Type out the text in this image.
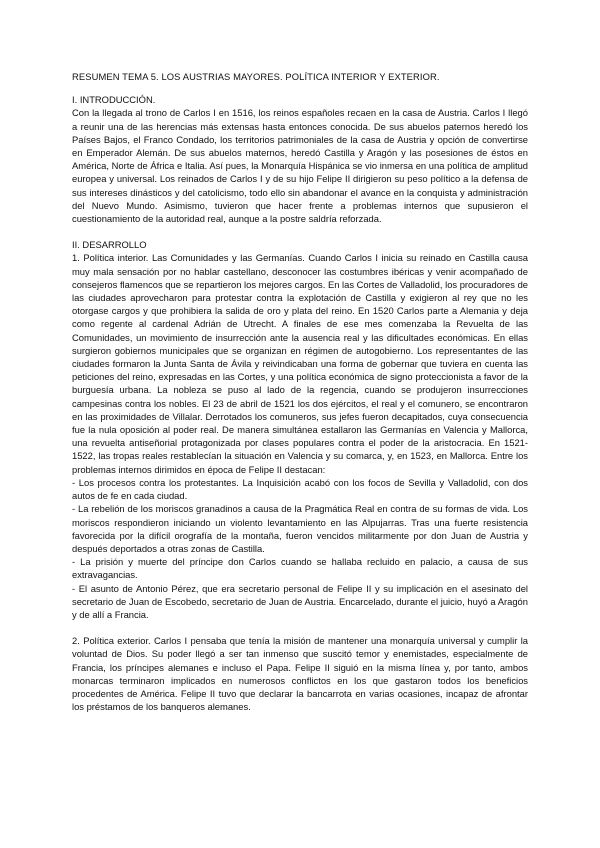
RESUMEN TEMA 5. LOS AUSTRIAS MAYORES. POLÍTICA INTERIOR Y EXTERIOR.
I. INTRODUCCIÓN.

Con la llegada al trono de Carlos I en 1516, los reinos españoles recaen en la casa de Austria. Carlos I llegó a reunir una de las herencias más extensas hasta entonces conocida. De sus abuelos paternos heredó los Países Bajos, el Franco Condado, los territorios patrimoniales de la casa de Austria y opción de convertirse en Emperador Alemán. De sus abuelos maternos, heredó Castilla y Aragón y las posesiones de éstos en América, Norte de África e Italia. Así pues, la Monarquía Hispánica se vio inmersa en una política de amplitud europea y universal. Los reinados de Carlos I y de su hijo Felipe II dirigieron su peso político a la defensa de sus intereses dinásticos y del catolicismo, todo ello sin abandonar el avance en la conquista y administración del Nuevo Mundo. Asimismo, tuvieron que hacer frente a problemas internos que supusieron el cuestionamiento de la autoridad real, aunque a la postre saldría reforzada.

II. DESARROLLO

1. Política interior. Las Comunidades y las Germanías. Cuando Carlos I inicia su reinado en Castilla causa muy mala sensación por no hablar castellano, desconocer las costumbres ibéricas y venir acompañado de consejeros flamencos que se repartieron los mejores cargos. En las Cortes de Valladolid, los procuradores de las ciudades aprovecharon para protestar contra la explotación de Castilla y exigieron al rey que no les otorgase cargos y que prohibiera la salida de oro y plata del reino. En 1520 Carlos parte a Alemania y deja como regente al cardenal Adrián de Utrecht. A finales de ese mes comenzaba la Revuelta de las Comunidades, un movimiento de insurrección ante la ausencia real y las dificultades económicas. En ellas surgieron gobiernos municipales que se organizan en régimen de autogobierno. Los representantes de las ciudades formaron la Junta Santa de Ávila y reivindicaban una forma de gobernar que tuviera en cuenta las peticiones del reino, expresadas en las Cortes, y una política económica de signo proteccionista a favor de la burguesía urbana. La nobleza se puso al lado de la regencia, cuando se produjeron insurrecciones campesinas contra los nobles. El 23 de abril de 1521 los dos ejércitos, el real y el comunero, se encontraron en las proximidades de Villalar. Derrotados los comuneros, sus jefes fueron decapitados, cuya consecuencia fue la nula oposición al poder real. De manera simultánea estallaron las Germanías en Valencia y Mallorca, una revuelta antiseñorial protagonizada por clases populares contra el poder de la aristocracia. En 1521-1522, las tropas reales restablecían la situación en Valencia y su comarca, y, en 1523, en Mallorca. Entre los problemas internos dirimidos en época de Felipe II destacan:

- Los procesos contra los protestantes. La Inquisición acabó con los focos de Sevilla y Valladolid, con dos autos de fe en cada ciudad.
- La rebelión de los moriscos granadinos a causa de la Pragmática Real en contra de su formas de vida. Los moriscos respondieron iniciando un violento levantamiento en las Alpujarras. Tras una fuerte resistencia favorecida por la difícil orografía de la montaña, fueron vencidos militarmente por don Juan de Austria y después deportados a otras zonas de Castilla.
- La prisión y muerte del príncipe don Carlos cuando se hallaba recluido en palacio, a causa de sus extravagancias.
- El asunto de Antonio Pérez, que era secretario personal de Felipe II y su implicación en el asesinato del secretario de Juan de Escobedo, secretario de Juan de Austria. Encarcelado, durante el juicio, huyó a Aragón y de allí a Francia.

2. Política exterior. Carlos I pensaba que tenía la misión de mantener una monarquía universal y cumplir la voluntad de Dios. Su poder llegó a ser tan inmenso que suscitó temor y enemistades, especialmente de Francia, los príncipes alemanes e incluso el Papa. Felipe II siguió en la misma línea y, por tanto, ambos monarcas terminaron implicados en numerosos conflictos en los que gastaron todos los beneficios procedentes de América. Felipe II tuvo que declarar la bancarrota en varias ocasiones, incapaz de afrontar los préstamos de los banqueros alemanes.
